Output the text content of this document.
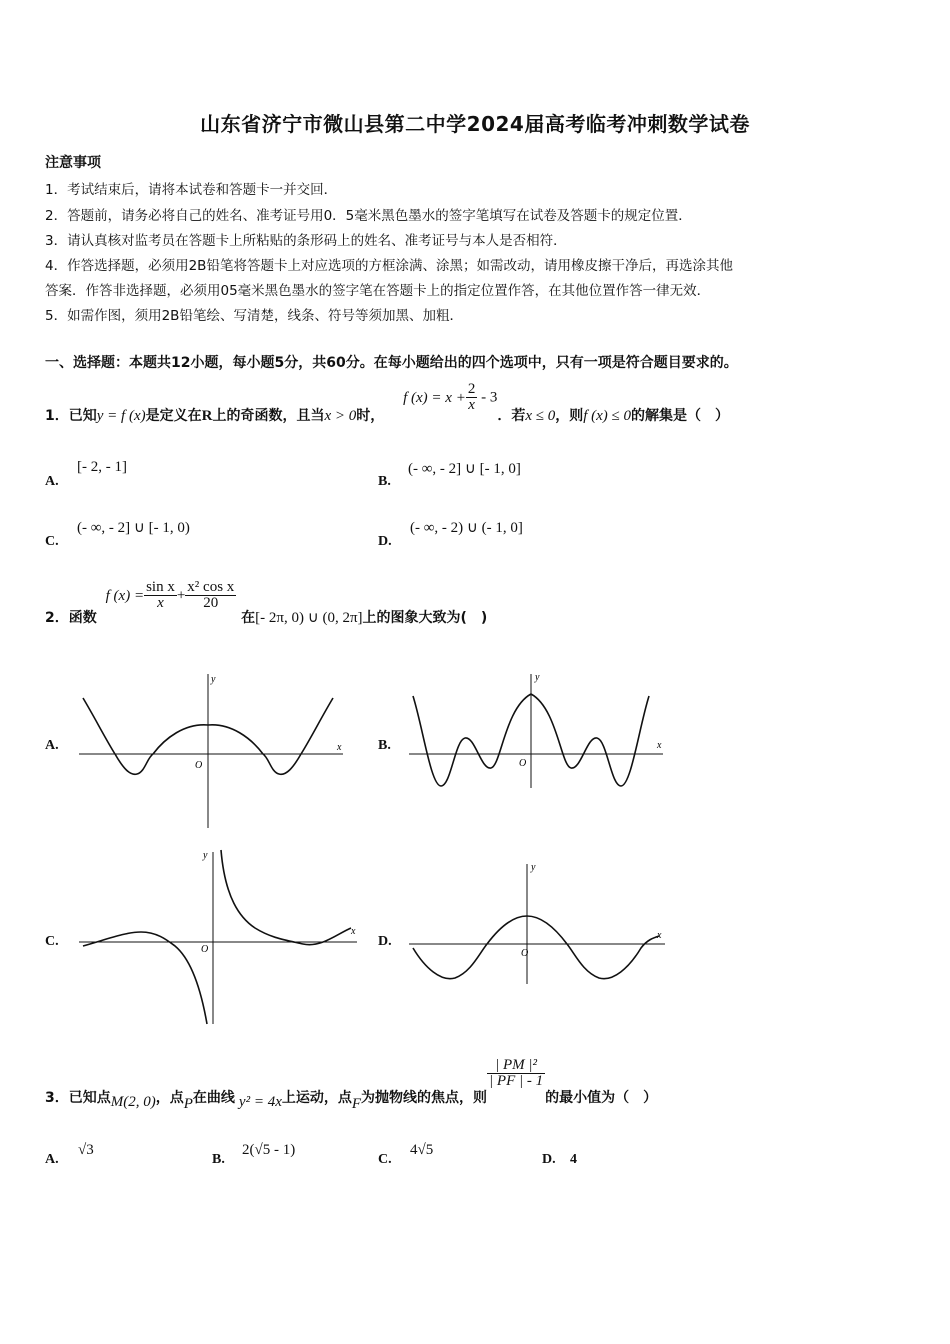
山东省济宁市微山县第二中学2024届高考临考冲刺数学试卷
注意事项
1．考试结束后，请将本试卷和答题卡一并交回．
2．答题前，请务必将自己的姓名、准考证号用0．5毫米黑色墨水的签字笔填写在试卷及答题卡的规定位置．
3．请认真核对监考员在答题卡上所粘贴的条形码上的姓名、准考证号与本人是否相符．
4．作答选择题，必须用2B铅笔将答题卡上对应选项的方框涂满、涂黑；如需改动，请用橡皮擦干净后，再选涂其他
答案．作答非选择题，必须用05毫米黑色墨水的签字笔在答题卡上的指定位置作答，在其他位置作答一律无效．
5．如需作图，须用2B铅笔绘、写清楚，线条、符号等须加黑、加粗．
一、选择题：本题共12小题，每小题5分，共60分。在每小题给出的四个选项中，只有一项是符合题目要求的。
1．已知y = f (x)是定义在R上的奇函数，且当x > 0时， f $(x) = x + \frac{2}{x} - 3$．若x ≤ 0，则f (x) ≤ 0的解集是（　）
A.
[- 2, - 1]
B.
(- ∞, - 2] ∪ [- 1, 0]
C.
(- ∞, - 2] ∪ [- 1, 0)
D.
(- ∞, - 2) ∪ (- 1, 0]
2．函数 f $(x) = \frac{\text{sin x}}{x} + \frac{\text{x² cos x}}{20}$
在[- 2π, 0) ∪ (0, 2π]上的图象大致为(　)
A.	B.
C.	D.
x
y
O
x
y
O
x
y
O
x
y
O
3．已知点M(2, 0)，点P在曲线 y² = 4x上运动，点F为抛物线的焦点，则
$\frac{\text{| PM |²}}{| PF | - 1}$
的最小值为（　）
A.
√3
B.
2(√5 - 1)
C.
4√5
D. 4
